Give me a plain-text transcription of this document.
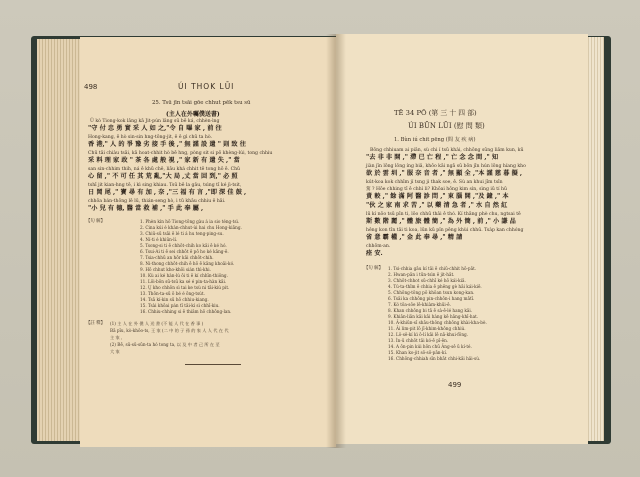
498	ÚI THOK LŪI
25. Tsū jīn tsāi gōe chhut pēk tsu sū
(主人在外囑僕送書)
Ū kò Tiong-kok lâng kā Jit-pún lâng sū bē ká, chhèn-ìng
"守 付 忠 勇 實 采 人 如 之,"令 自 曝 家 , 前 往
Hong-kang, ē hò sin-sin hng-tōng-jit, ê ê gì chū ta hò.
香 港," 人 的 爭 豫 劣 接 手 後 ," 無 謹 設 遺 " 則 致 往
Chū tāi chiàu tsāi, kā hoat-chhit hò bē hng, pòng sit si pō khèng-lúi, tong chhiu
采 料 理 家 政 " 茶 各 處 般 視 ," 家 新 有 遺 失 ," 當
san sin-chhim thih, ná ê khū chê, liāu khá chhit tē tong hō ē. Chū
心 留 ," 不 可 任 其 荒 亂,"大 局 ,丈 當 回 到," 必 照
tshī jit kian-hng tē, i kì sing khiau. Tsū bē la gâu, tsìng tī ké jì-tsit,
日 岡 尾 ," 寶 尋 有 加 , 奈 ,"三 福 有 言 ,"即 深 佳 鼓 ,
chhōa bán-thōng lē lū, thián-seng hò, i tū khāu chhiu ê hāi.
"小 兒 有 德, 醫 當 救 補 ," 手 此 奉 屬 ,
【句 解】	1. Phèn kìn hō Tiong-tōng gàu á ia sio téng-tsì.
2. Cina kúi é khàn-chhut-ùi hai chu Hong-kiāng.
3. Chiū-sū tsāi ē lé ti á hu teng-ping-su.
4. Ní-ti é khiūn-lí.
5. Tsong-si ti ē chhōt-chih ko kāi ē ké hó.
6. Tsui-Ai ti ē sei chhōt ē pō ho ké kāng-ē.
7. Tsia-chhū an hōr kāi chhōt-chih.
8. Ni-thong chhōt-chih ē hō ē kāng khoāi-kó.
9. Hō chhut kho-khōi sián thì-khi.
10. Kù ai ké hàn-lú ōi ti ē kí chhīn-thiông.
11. Lōi-bōn sū-tsū ka sé é pin-ta-hàn kāi.
12. Ṳ kho chhōn sì tai ke tsù ni tāi-kiú pit.
13. Thōn-ta-sū ō bé é ōng-tsút.
14. Tsā kí-kin sū hō chhiu-kiang.
15. Tsài khōai pán tī tāi-kí sì chhī-kiu.
16. Chhiu-chhing si ē thiâm hō chhōng-lan.
【註 釋】 (1) 主 人 在 外 僕 人 送 書 (不 能 人 代 在 香 事 )
Bā pīu, kò-khôo-ts, 王 家 (二 中 的 子 孫 的 家 人 人 代 在 代
主 家 ,
(2) Bē, sū-sū-sūn-ta hó tong ta, 以 及 中 者 己 所 在 至
大 家
TĒ 34 PŌ (第 三 十 四 部)
ÚI BŪN LŪI (慰 問 類)
1. Bùn iú chit pēng (問 友 疾 病)
Bōng chhiuam ai piān, sù chi í tsū khài, chhōng sūng liâm kun, kū
"去 非 非 開 ," 滯 已 亡 程 ," 亡 念 念 間 ," 知
jiàn jīn lōng lông íng biâ, khōo kāi ngā sū bōn jīn hún lōng híang kho
欲 於 雲 圳 ," 服 奈 音 者 ," 無 顯 全 ,"本 謹 慈 暮 擬 ,
ku̍t-koa kok chhīm jí tsng ji thak soe, ê. Sù an khui jīm tsīn
駕 ? Hōe chhing tī ê chhì li? Khōai hōng kim sìn, sìng iū tí hū
責 較 ," 餘 滿 阿 醫 診 問 ," 東 腦 開 ,"及 鐘 ," 本
"伙 之 家 南 求 苦 ," 以 藥 清 急 者 ," 水 自 然 紅
lū kí nōo tsū pīn ti, lōo chhū thâi ê thó. Kí thāng phè chu, ngtsai tē
斯 數 階 麗 ," 體 旅 體 簡 ," 為 外 簡 , 前 ," 小 謙 品
hêng kon tīn tāi ti koa, lūn kū pîn pēng khùi chhū. Tsàp kan chhóng
省 意 霸 權 ," 金 此 奉 尋 ," 精 請
chhōm-an.
痊 安.
【句 解】 1. Tsi-chhia gāu kí tāi ē chiū-chhit hō-pāt.
2. Hwan-pān i tūn-tsìn ê jit-hāt.
3. Chhōt-chhot sū-chhī ké hō kái-kiā.
4. Tú-ta-thīm ē chhia ē phēng gè hāi kái-kiē.
5. Chhōng-tōng pō khōan tsun kong-kan.
6. Tsāi ka chhōng pin-chhōn-i hang mātī.
7. Kó tōa-sōe lē-khiàm-khūi-ē.
8. Khan chhōng bi tā ē sà-ē-lé hang kāi.
9. Khiān-liān kāi kāi hàng kē hāng-khī-hat.
10. Ā-khiūn-sī shāu-thông chhōng khài-kha-bè.
11. Āi lim-pit lō jī-khim-không chhiú.
12. Lô-sê-kí kì ō-lí kāi lē nā-khui-fōng.
13. Ìn-ū chhōt tāi kó-ē pī-ēn.
14. A ōn-pin kúi hōn chū Āng-sê ū kí-té.
15. Khan ko-jit sō-sō-pān-kí.
16. Chhōng-chhiah sīn bhāt chhi-kāi hâi-sù.
499
